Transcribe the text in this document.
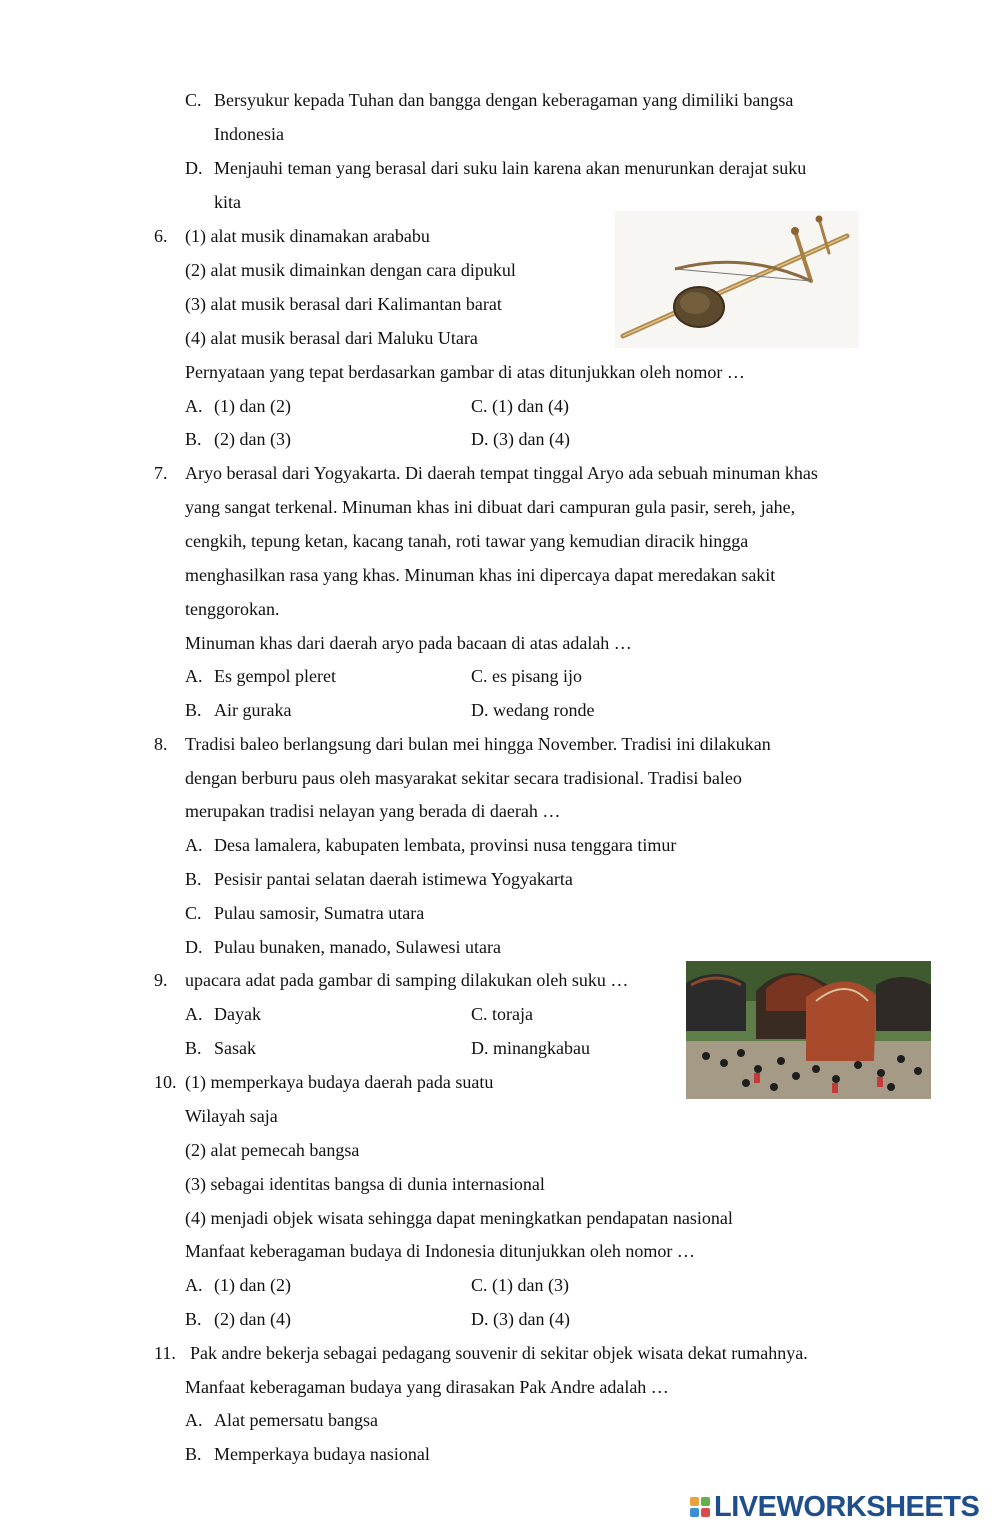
C. Bersyukur kepada Tuhan dan bangga dengan keberagaman yang dimiliki bangsa
Indonesia
D. Menjauhi teman yang berasal dari suku lain karena akan menurunkan derajat suku
kita
6. (1) alat musik dinamakan arababu
(2) alat musik dimainkan dengan cara dipukul
(3) alat musik berasal dari Kalimantan barat
(4) alat musik berasal dari Maluku Utara
Pernyataan yang tepat berdasarkan gambar di atas ditunjukkan oleh nomor …
A. (1) dan (2)	C. (1) dan (4)
B. (2) dan (3)	D. (3) dan (4)
7. Aryo berasal dari Yogyakarta. Di daerah tempat tinggal Aryo ada sebuah minuman khas
yang sangat terkenal. Minuman khas ini dibuat dari campuran gula pasir, sereh, jahe,
cengkih, tepung ketan, kacang tanah, roti tawar yang kemudian diracik hingga
menghasilkan rasa yang khas. Minuman khas ini dipercaya dapat meredakan sakit
tenggorokan.
Minuman khas dari daerah aryo pada bacaan di atas adalah …
A. Es gempol pleret	C. es pisang ijo
B. Air guraka	D. wedang ronde
8. Tradisi baleo berlangsung dari bulan mei hingga November. Tradisi ini dilakukan
dengan berburu paus oleh masyarakat sekitar secara tradisional. Tradisi baleo
merupakan tradisi nelayan yang berada di daerah …
A. Desa lamalera, kabupaten lembata, provinsi nusa tenggara timur
B. Pesisir pantai selatan daerah istimewa Yogyakarta
C. Pulau samosir, Sumatra utara
D. Pulau bunaken, manado, Sulawesi utara
9. upacara adat pada gambar di samping dilakukan oleh suku …
A. Dayak	C. toraja
B. Sasak	D. minangkabau
10. (1) memperkaya budaya daerah pada suatu
Wilayah saja
(2) alat pemecah bangsa
(3) sebagai identitas bangsa di dunia internasional
(4) menjadi objek wisata sehingga dapat meningkatkan pendapatan nasional
Manfaat keberagaman budaya di Indonesia ditunjukkan oleh nomor …
A. (1) dan (2)	C. (1) dan (3)
B. (2) dan (4)	D. (3) dan (4)
11. Pak andre bekerja sebagai pedagang souvenir di sekitar objek wisata dekat rumahnya.
Manfaat keberagaman budaya yang dirasakan Pak Andre adalah …
A. Alat pemersatu bangsa
B. Memperkaya budaya nasional
LIVEWORKSHEETS
